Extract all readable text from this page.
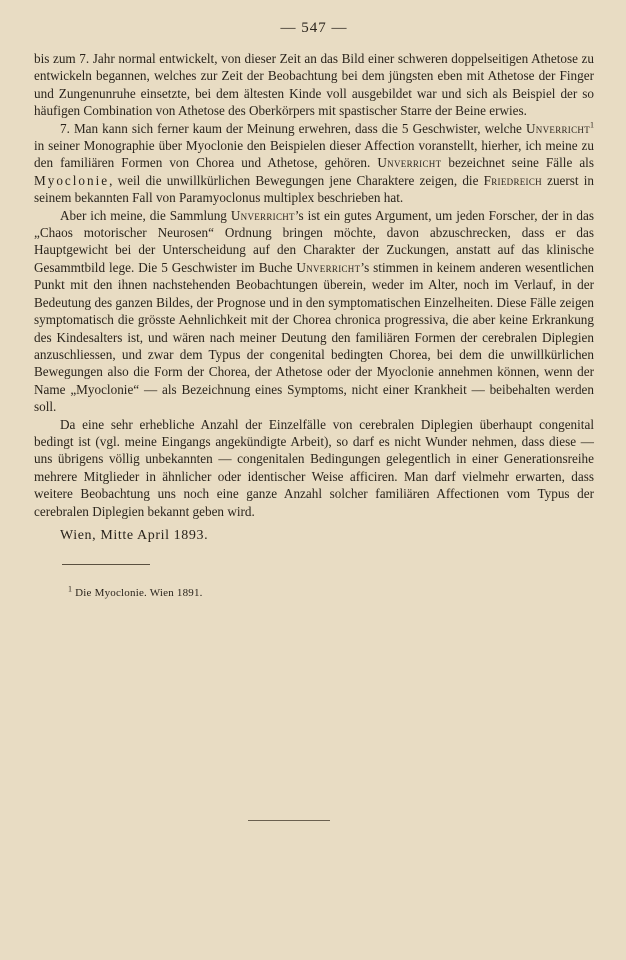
— 547 —

bis zum 7. Jahr normal entwickelt, von dieser Zeit an das Bild einer schweren doppelseitigen Athetose zu entwickeln begannen, welches zur Zeit der Beobachtung bei dem jüngsten eben mit Athetose der Finger und Zungenunruhe einsetzte, bei dem ältesten Kinde voll ausgebildet war und sich als Beispiel der so häufigen Combination von Athetose des Oberkörpers mit spastischer Starre der Beine erwies.

7. Man kann sich ferner kaum der Meinung erwehren, dass die 5 Geschwister, welche Unverricht$^1$ in seiner Monographie über Myoclonie den Beispielen dieser Affection voranstellt, hierher, ich meine zu den familiären Formen von Chorea und Athetose, gehören. Unverricht bezeichnet seine Fälle als Myoclonie, weil die unwillkürlichen Bewegungen jene Charaktere zeigen, die Friedreich zuerst in seinem bekannten Fall von Paramyoclonus multiplex beschrieben hat.

Aber ich meine, die Sammlung Unverricht’s ist ein gutes Argument, um jeden Forscher, der in das „Chaos motorischer Neurosen“ Ordnung bringen möchte, davon abzuschrecken, dass er das Hauptgewicht bei der Unterscheidung auf den Charakter der Zuckungen, anstatt auf das klinische Gesammtbild lege. Die 5 Geschwister im Buche Unverricht’s stimmen in keinem anderen wesentlichen Punkt mit den ihnen nachstehenden Beobachtungen überein, weder im Alter, noch im Verlauf, in der Bedeutung des ganzen Bildes, der Prognose und in den symptomatischen Einzelheiten. Diese Fälle zeigen symptomatisch die grösste Aehnlichkeit mit der Chorea chronica progressiva, die aber keine Erkrankung des Kindesalters ist, und wären nach meiner Deutung den familiären Formen der cerebralen Diplegien anzuschliessen, und zwar dem Typus der congenital bedingten Chorea, bei dem die unwillkürlichen Bewegungen also die Form der Chorea, der Athetose oder der Myoclonie annehmen können, wenn der Name „Myoclonie“ — als Bezeichnung eines Symptoms, nicht einer Krankheit — beibehalten werden soll.

Da eine sehr erhebliche Anzahl der Einzelfälle von cerebralen Diplegien überhaupt congenital bedingt ist (vgl. meine Eingangs angekündigte Arbeit), so darf es nicht Wunder nehmen, dass diese — uns übrigens völlig unbekannten — congenitalen Bedingungen gelegentlich in einer Generationsreihe mehrere Mitglieder in ähnlicher oder identischer Weise afficiren. Man darf vielmehr erwarten, dass weitere Beobachtung uns noch eine ganze Anzahl solcher familiären Affectionen vom Typus der cerebralen Diplegien bekannt geben wird.

Wien, Mitte April 1893.
$^1$ Die Myoclonie. Wien 1891.
